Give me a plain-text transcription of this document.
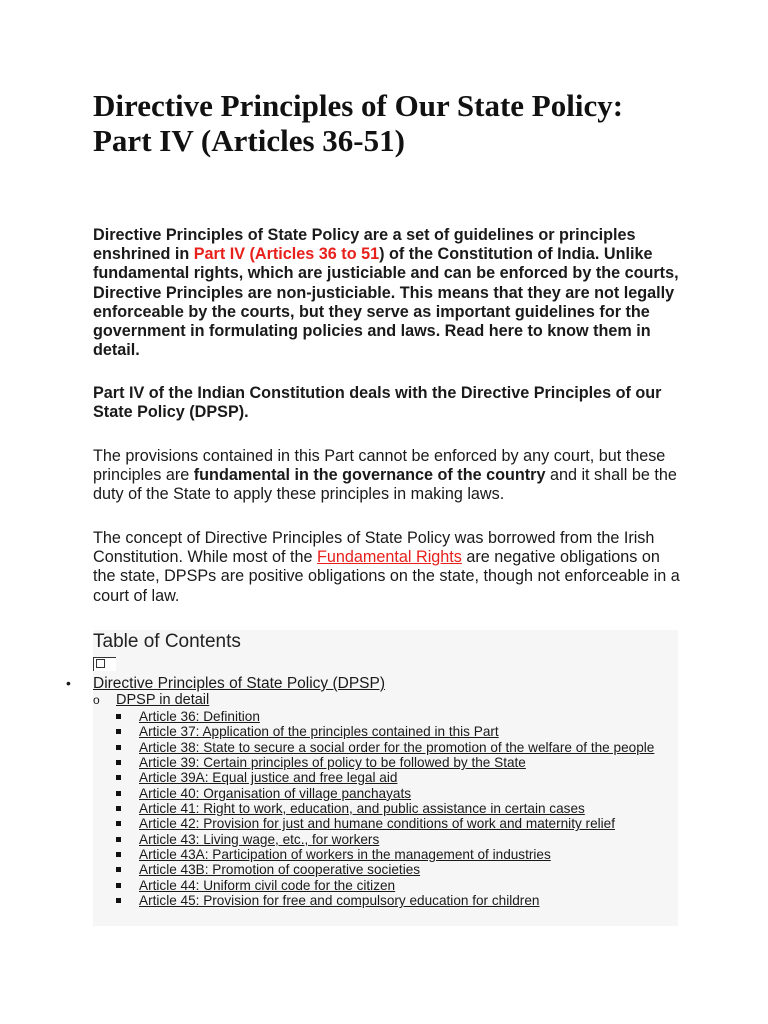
Directive Principles of Our State Policy: Part IV (Articles 36-51)

Directive Principles of State Policy are a set of guidelines or principles enshrined in Part IV (Articles 36 to 51) of the Constitution of India. Unlike fundamental rights, which are justiciable and can be enforced by the courts, Directive Principles are non-justiciable. This means that they are not legally enforceable by the courts, but they serve as important guidelines for the government in formulating policies and laws. Read here to know them in detail.

Part IV of the Indian Constitution deals with the Directive Principles of our State Policy (DPSP).

The provisions contained in this Part cannot be enforced by any court, but these principles are fundamental in the governance of the country and it shall be the duty of the State to apply these principles in making laws.

The concept of Directive Principles of State Policy was borrowed from the Irish Constitution. While most of the Fundamental Rights are negative obligations on the state, DPSPs are positive obligations on the state, though not enforceable in a court of law.

Table of Contents
• Directive Principles of State Policy (DPSP)
o DPSP in detail
Article 36: Definition
Article 37: Application of the principles contained in this Part
Article 38: State to secure a social order for the promotion of the welfare of the people
Article 39: Certain principles of policy to be followed by the State
Article 39A: Equal justice and free legal aid
Article 40: Organisation of village panchayats
Article 41: Right to work, education, and public assistance in certain cases
Article 42: Provision for just and humane conditions of work and maternity relief
Article 43: Living wage, etc., for workers
Article 43A: Participation of workers in the management of industries
Article 43B: Promotion of cooperative societies
Article 44: Uniform civil code for the citizen
Article 45: Provision for free and compulsory education for children
